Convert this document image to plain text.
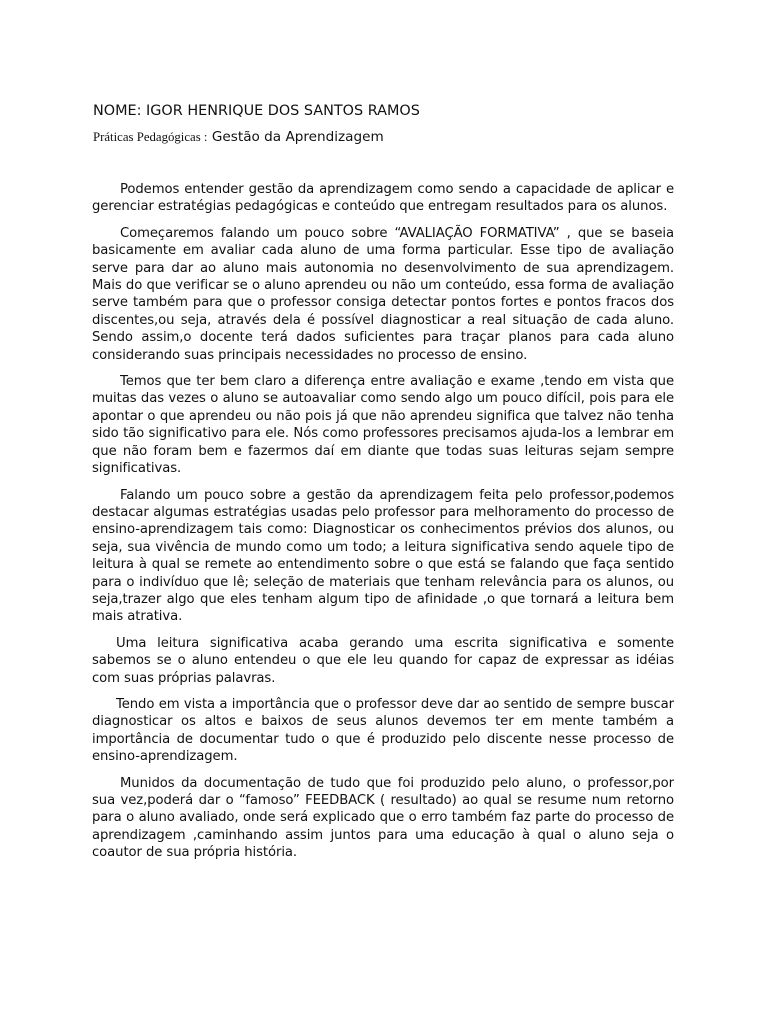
NOME: IGOR HENRIQUE DOS SANTOS RAMOS
Práticas Pedagógicas : Gestão da Aprendizagem

Podemos entender gestão da aprendizagem como sendo a capacidade de aplicar e gerenciar estratégias pedagógicas e conteúdo que entregam resultados para os alunos.

Começaremos falando um pouco sobre “AVALIAÇÃO FORMATIVA” , que se baseia basicamente em avaliar cada aluno de uma forma particular. Esse tipo de avaliação serve para dar ao aluno mais autonomia no desenvolvimento de sua aprendizagem. Mais do que verificar se o aluno aprendeu ou não um conteúdo, essa forma de avaliação serve também para que o professor consiga detectar pontos fortes e pontos fracos dos discentes,ou seja, através dela é possível diagnosticar a real situação de cada aluno. Sendo assim,o docente terá dados suficientes para traçar planos para cada aluno considerando suas principais necessidades no processo de ensino.

Temos que ter bem claro a diferença entre avaliação e exame ,tendo em vista que muitas das vezes o aluno se autoavaliar como sendo algo um pouco difícil, pois para ele apontar o que aprendeu ou não pois já que não aprendeu significa que talvez não tenha sido tão significativo para ele. Nós como professores precisamos ajuda-los a lembrar em que não foram bem e fazermos daí em diante que todas suas leituras sejam sempre significativas.

Falando um pouco sobre a gestão da aprendizagem feita pelo professor,podemos destacar algumas estratégias usadas pelo professor para melhoramento do processo de ensino-aprendizagem tais como: Diagnosticar os conhecimentos prévios dos alunos, ou seja, sua vivência de mundo como um todo; a leitura significativa sendo aquele tipo de leitura à qual se remete ao entendimento sobre o que está se falando que faça sentido para o indivíduo que lê; seleção de materiais que tenham relevância para os alunos, ou seja,trazer algo que eles tenham algum tipo de afinidade ,o que tornará a leitura bem mais atrativa.

Uma leitura significativa acaba gerando uma escrita significativa e somente sabemos se o aluno entendeu o que ele leu quando for capaz de expressar as idéias com suas próprias palavras.

Tendo em vista a importância que o professor deve dar ao sentido de sempre buscar diagnosticar os altos e baixos de seus alunos devemos ter em mente também a importância de documentar tudo o que é produzido pelo discente nesse processo de ensino-aprendizagem.

Munidos da documentação de tudo que foi produzido pelo aluno, o professor,por sua vez,poderá dar o “famoso” FEEDBACK ( resultado) ao qual se resume num retorno para o aluno avaliado, onde será explicado que o erro também faz parte do processo de aprendizagem ,caminhando assim juntos para uma educação à qual o aluno seja o coautor de sua própria história.
